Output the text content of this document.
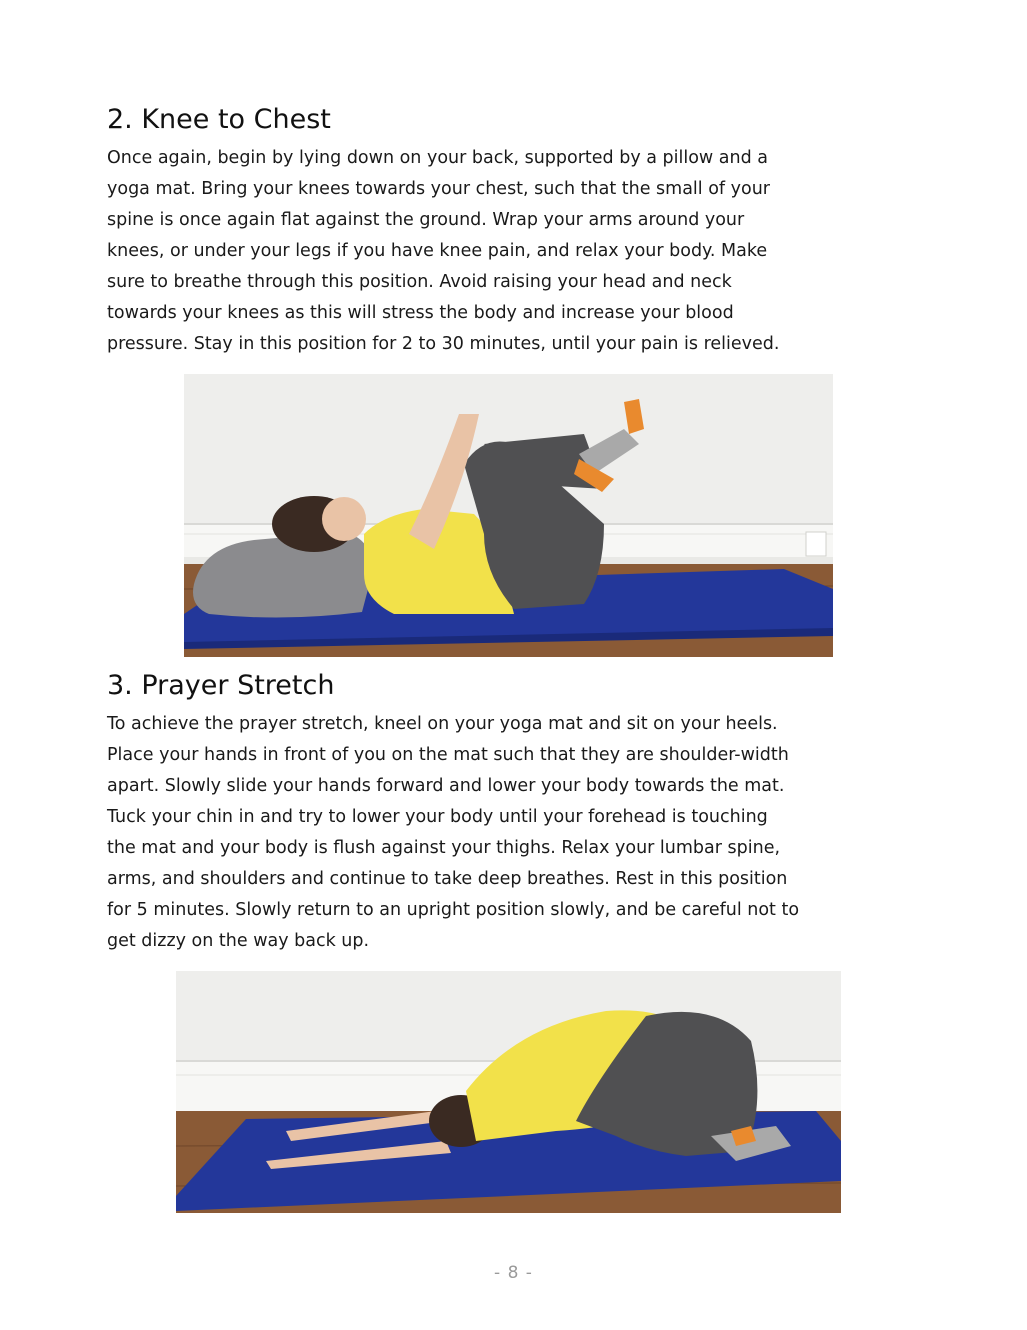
2. Knee to Chest
Once again, begin by lying down on your back, supported by a pillow and a
yoga mat. Bring your knees towards your chest, such that the small of your
spine is once again flat against the ground. Wrap your arms around your
knees, or under your legs if you have knee pain, and relax your body. Make
sure to breathe through this position. Avoid raising your head and neck
towards your knees as this will stress the body and increase your blood
pressure. Stay in this position for 2 to 30 minutes, until your pain is relieved.
3. Prayer Stretch
To achieve the prayer stretch, kneel on your yoga mat and sit on your heels.
Place your hands in front of you on the mat such that they are shoulder-width
apart. Slowly slide your hands forward and lower your body towards the mat.
Tuck your chin in and try to lower your body until your forehead is touching
the mat and your body is flush against your thighs. Relax your lumbar spine,
arms, and shoulders and continue to take deep breathes. Rest in this position
for 5 minutes. Slowly return to an upright position slowly, and be careful not to
get dizzy on the way back up.
- 8 -
